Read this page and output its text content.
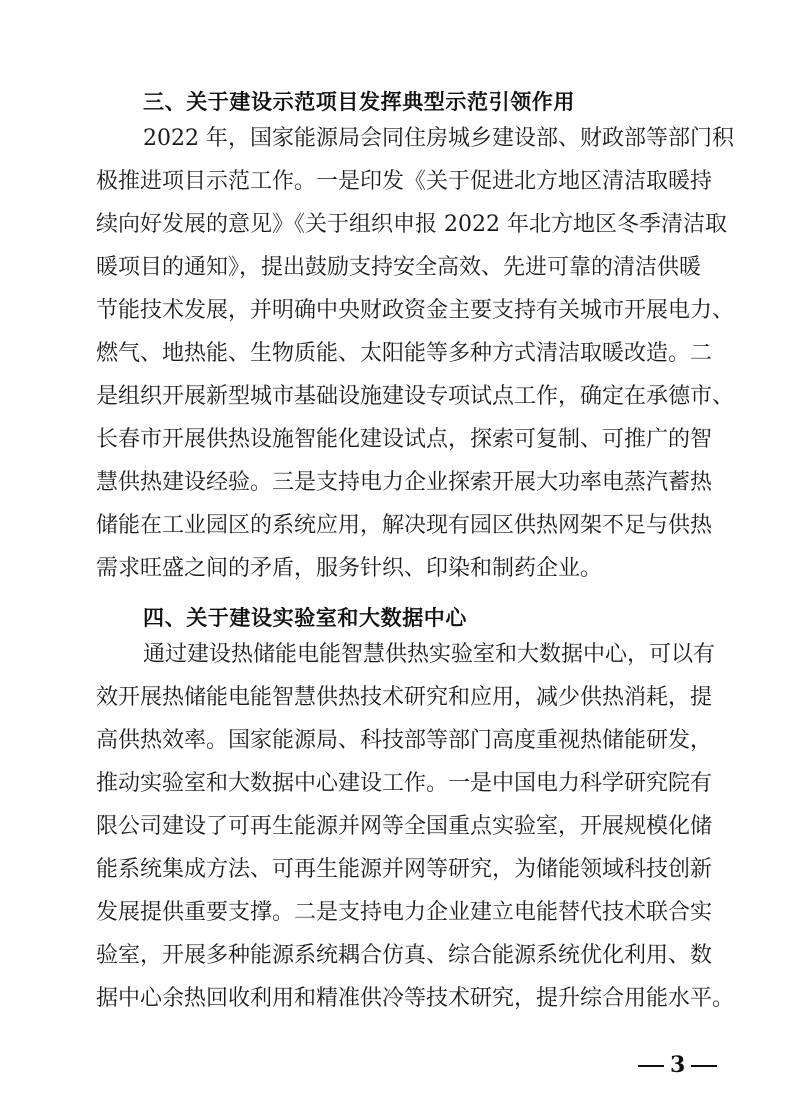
三、关于建设示范项目发挥典型示范引领作用
2022 年，国家能源局会同住房城乡建设部、财政部等部门积
极推进项目示范工作。一是印发《关于促进北方地区清洁取暖持
续向好发展的意见》《关于组织申报 2022 年北方地区冬季清洁取
暖项目的通知》，提出鼓励支持安全高效、先进可靠的清洁供暖
节能技术发展，并明确中央财政资金主要支持有关城市开展电力、
燃气、地热能、生物质能、太阳能等多种方式清洁取暖改造。二
是组织开展新型城市基础设施建设专项试点工作，确定在承德市、
长春市开展供热设施智能化建设试点，探索可复制、可推广的智
慧供热建设经验。三是支持电力企业探索开展大功率电蒸汽蓄热
储能在工业园区的系统应用，解决现有园区供热网架不足与供热
需求旺盛之间的矛盾，服务针织、印染和制药企业。
四、关于建设实验室和大数据中心
通过建设热储能电能智慧供热实验室和大数据中心，可以有
效开展热储能电能智慧供热技术研究和应用，减少供热消耗，提
高供热效率。国家能源局、科技部等部门高度重视热储能研发，
推动实验室和大数据中心建设工作。一是中国电力科学研究院有
限公司建设了可再生能源并网等全国重点实验室，开展规模化储
能系统集成方法、可再生能源并网等研究，为储能领域科技创新
发展提供重要支撑。二是支持电力企业建立电能替代技术联合实
验室，开展多种能源系统耦合仿真、综合能源系统优化利用、数
据中心余热回收利用和精准供冷等技术研究，提升综合用能水平。
3
